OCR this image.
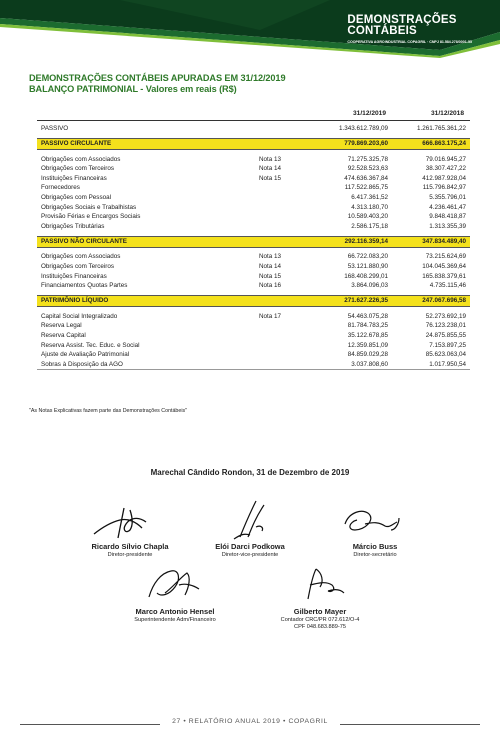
DEMONSTRAÇÕES
CONTÁBEIS
COOPERATIVA AGROINDUSTRIAL COPAGRIL · CNPJ 81.584.278/0001-55
DEMONSTRAÇÕES CONTÁBEIS APURADAS EM 31/12/2019
BALANÇO PATRIMONIAL - Valores em reais (R$)
31/12/2019	31/12/2018
PASSIVO	1.343.612.789,09	1.261.765.361,22
PASSIVO CIRCULANTE	779.869.203,60	666.863.175,24
Obrigações com Associados	Nota 13	71.275.325,78	79.016.945,27
Obrigações com Terceiros	Nota 14	92.528.523,63	38.307.427,22
Instituições Financeiras	Nota 15	474.636.367,84	412.987.928,04
Fornecedores	117.522.865,75	115.796.842,97
Obrigações com Pessoal	6.417.361,52	5.355.796,01
Obrigações Sociais e Trabalhistas	4.313.180,70	4.236.461,47
Provisão Férias e Encargos Sociais	10.589.403,20	9.848.418,87
Obrigações Tributárias	2.586.175,18	1.313.355,39
PASSIVO NÃO CIRCULANTE	292.116.359,14	347.834.489,40
Obrigações com Associados	Nota 13	66.722.083,20	73.215.624,69
Obrigações com Terceiros	Nota 14	53.121.880,90	104.045.369,64
Instituições Financeiras	Nota 15	168.408.299,01	165.838.379,61
Financiamentos Quotas Partes	Nota 16	3.864.096,03	4.735.115,46
PATRIMÔNIO LÍQUIDO	271.627.226,35	247.067.696,58
Capital Social Integralizado	Nota 17	54.463.075,28	52.273.692,19
Reserva Legal	81.784.783,25	76.123.238,01
Reserva Capital	35.122.678,85	24.875.855,55
Reserva Assist. Tec. Educ. e Social	12.359.851,09	7.153.897,25
Ajuste de Avaliação Patrimonial	84.859.029,28	85.623.063,04
Sobras à Disposição da AGO	3.037.808,60	1.017.950,54
"As Notas Explicativas fazem parte das Demonstrações Contábeis"
Marechal Cândido Rondon, 31 de Dezembro de 2019
Ricardo Sílvio Chapla
Diretor-presidente
Elói Darci Podkowa
Diretor-vice-presidente
Márcio Buss
Diretor-secretário
Marco Antonio Hensel
Superintendente Adm/Financeiro
Gilberto Mayer
Contador CRC/PR 072.612/O-4
CPF 048.683.889-75
27 • RELATÓRIO ANUAL 2019 • COPAGRIL
